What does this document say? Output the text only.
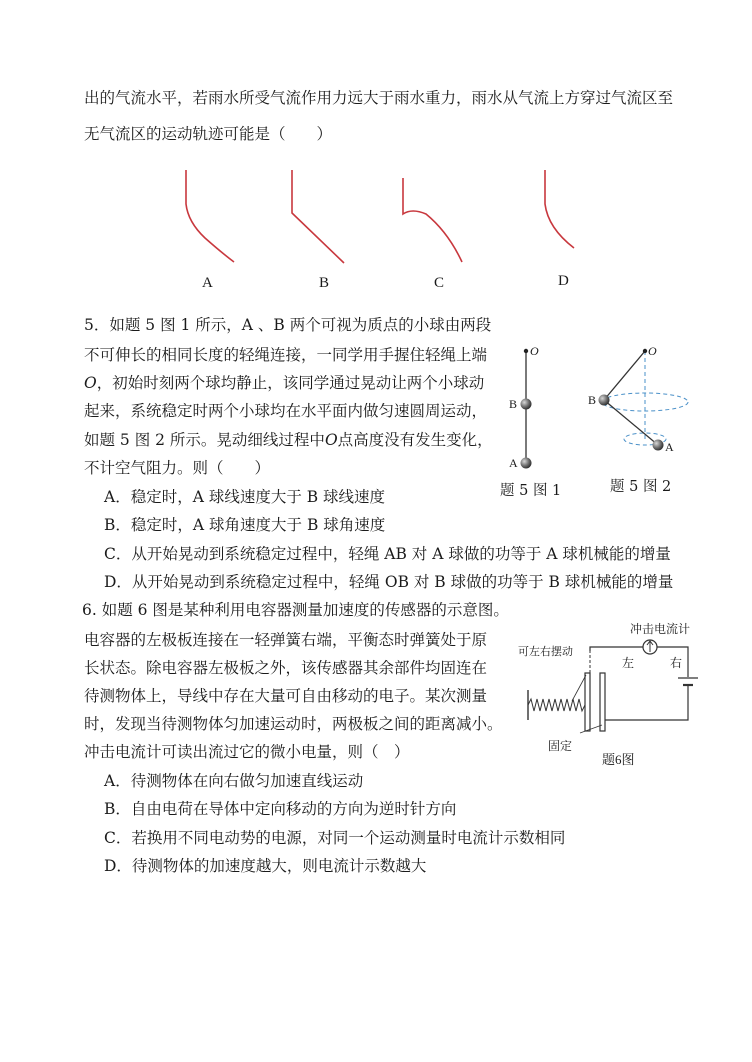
出的气流水平，若雨水所受气流作用力远大于雨水重力，雨水从气流上方穿过气流区至
无气流区的运动轨迹可能是（　　）
A	B	C	D
5．如题 5 图 1 所示，A 、B 两个可视为质点的小球由两段
不可伸长的相同长度的轻绳连接，一同学用手握住轻绳上端
O，初始时刻两个球均静止，该同学通过晃动让两个小球动
起来，系统稳定时两个小球均在水平面内做匀速圆周运动，
如题 5 图 2 所示。晃动细线过程中O点高度没有发生变化，
不计空气阻力。则（　　）
A．稳定时，A 球线速度大于 B 球线速度
B．稳定时，A 球角速度大于 B 球角速度
C．从开始晃动到系统稳定过程中，轻绳 AB 对 A 球做的功等于 A 球机械能的增量
D．从开始晃动到系统稳定过程中，轻绳 OB 对 B 球做的功等于 B 球机械能的增量
O
B
A
题 5 图 1
O
B
A
题 5 图 2
6. 如题 6 图是某种利用电容器测量加速度的传感器的示意图。
电容器的左极板连接在一轻弹簧右端，平衡态时弹簧处于原
长状态。除电容器左极板之外，该传感器其余部件均固连在
待测物体上，导线中存在大量可自由移动的电子。某次测量
时，发现当待测物体匀加速运动时，两极板之间的距离减小。
冲击电流计可读出流过它的微小电量，则（　）
A．待测物体在向右做匀加速直线运动
B．自由电荷在导体中定向移动的方向为逆时针方向
C．若换用不同电动势的电源，对同一个运动测量时电流计示数相同
D．待测物体的加速度越大，则电流计示数越大
冲击电流计
可左右摆动
左	右
固定
题6图
